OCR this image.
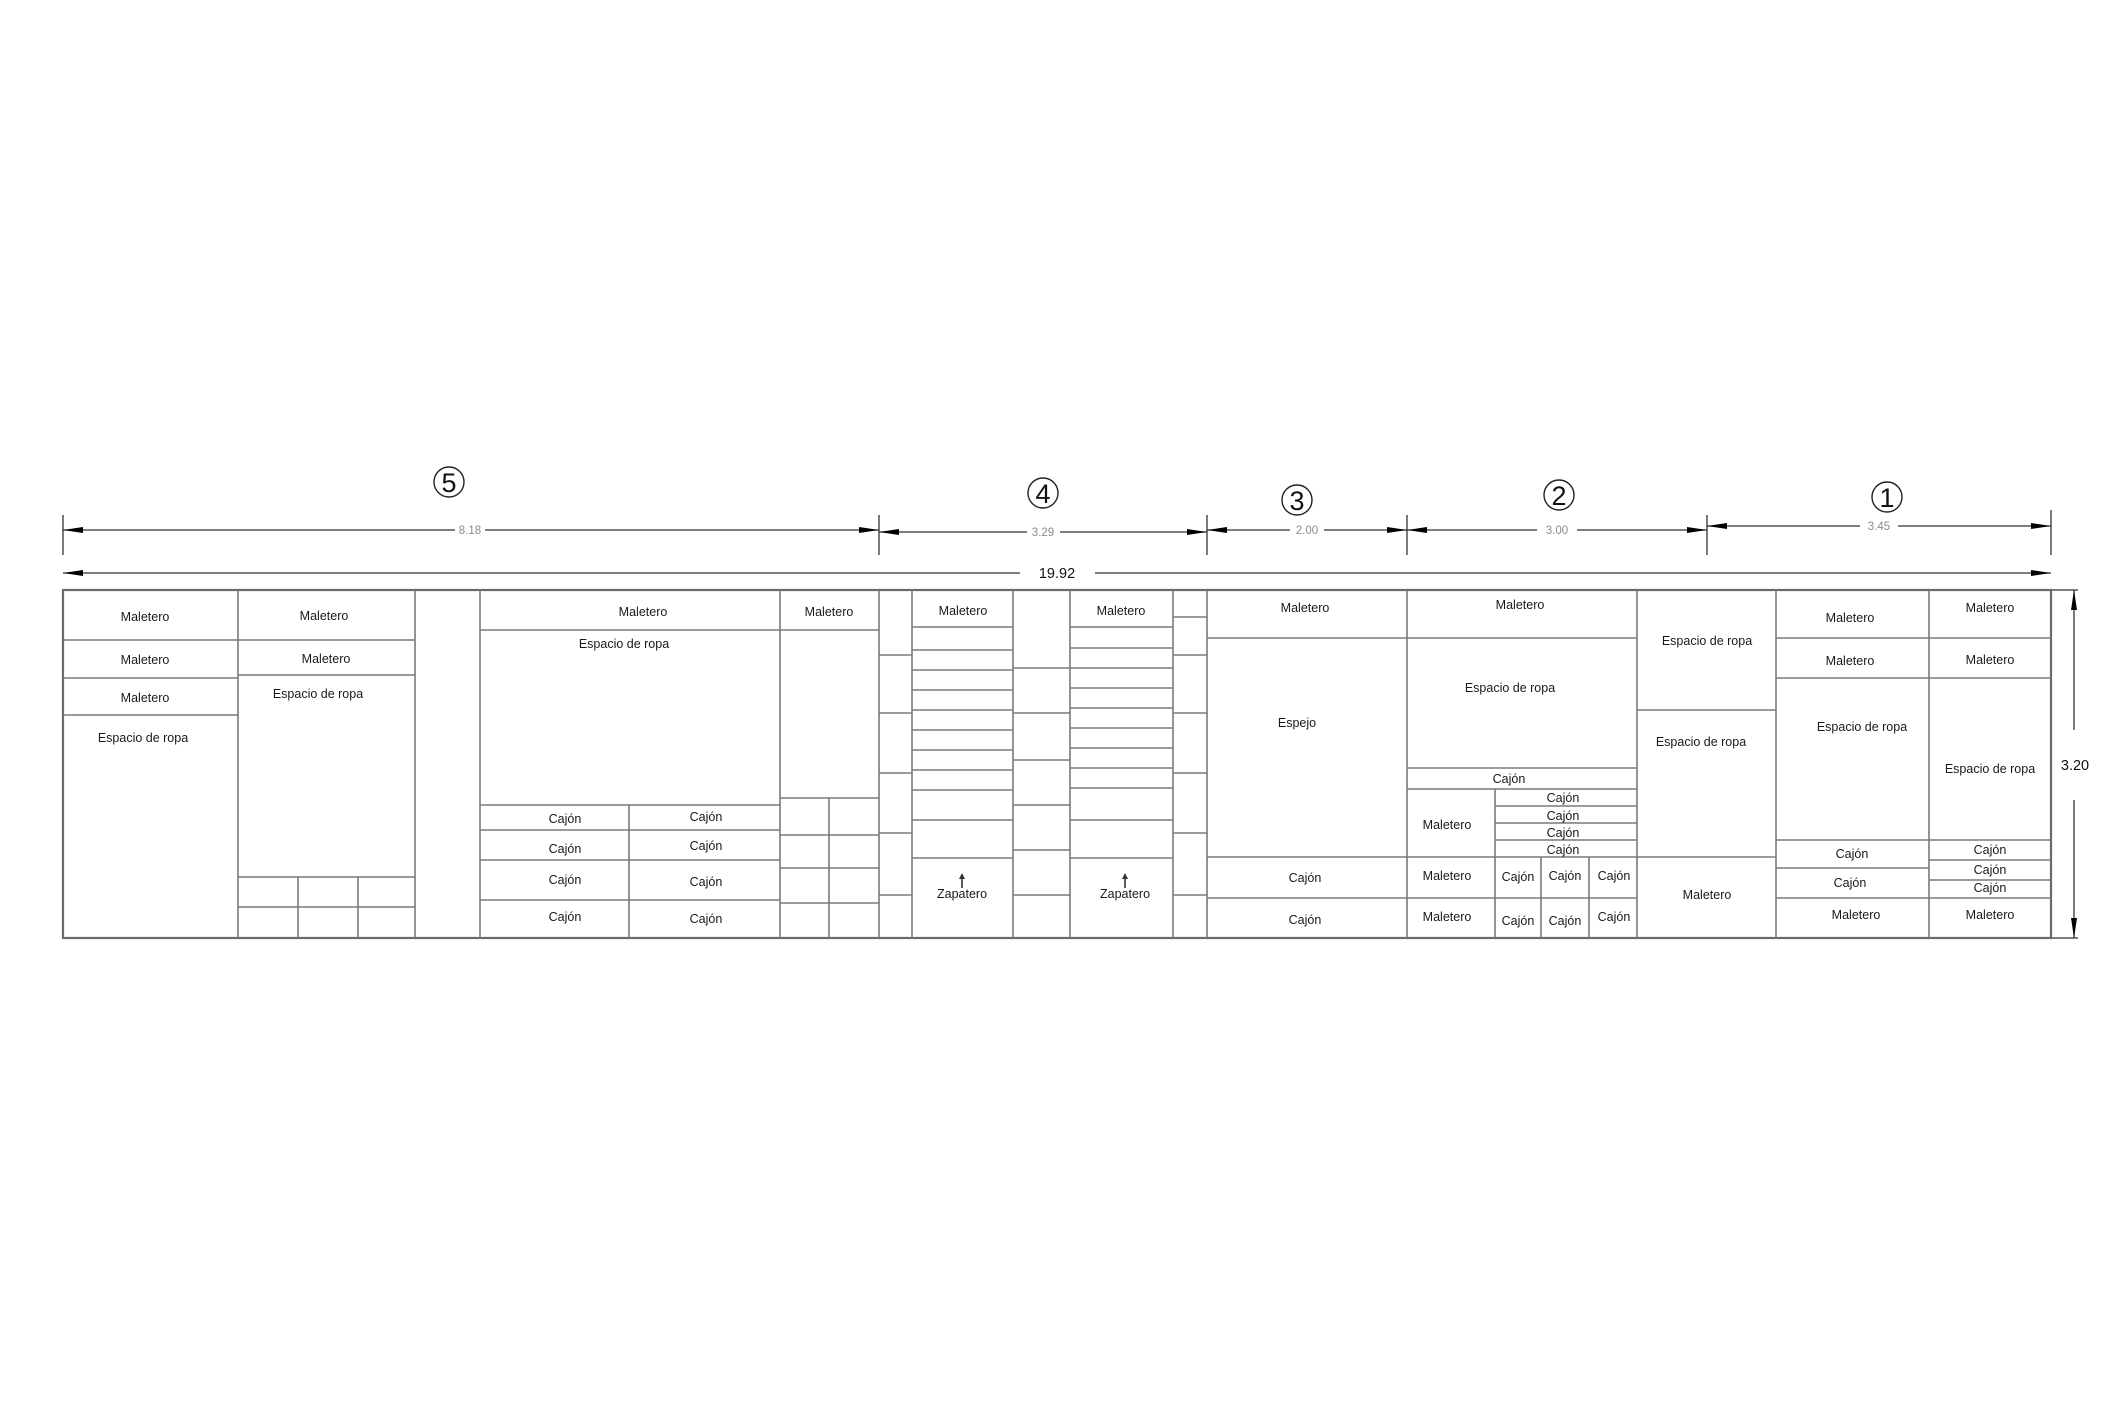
8.18
5
3.29
4
2.00
3
3.00
2
3.45
1
19.92
3.20
Maletero
Maletero
Maletero
Espacio de ropa
Maletero
Maletero
Espacio de ropa
Maletero
Espacio de ropa
Cajón	Cajón
Cajón	Cajón
Cajón	Cajón
Cajón	Cajón
Maletero	Maletero	Maletero
Zapatero	Zapatero
Maletero
Espejo
Cajón
Cajón
Maletero
Espacio de ropa
Cajón
Maletero
Cajón
Cajón
Cajón
Cajón
Maletero Cajón Cajón Cajón
Maletero Cajón Cajón Cajón
Espacio de ropa
Espacio de ropa
Maletero
Maletero
Maletero
Espacio de ropa
Cajón
Cajón
Maletero
Maletero
Maletero
Espacio de ropa
Cajón
Cajón
Cajón
Maletero
